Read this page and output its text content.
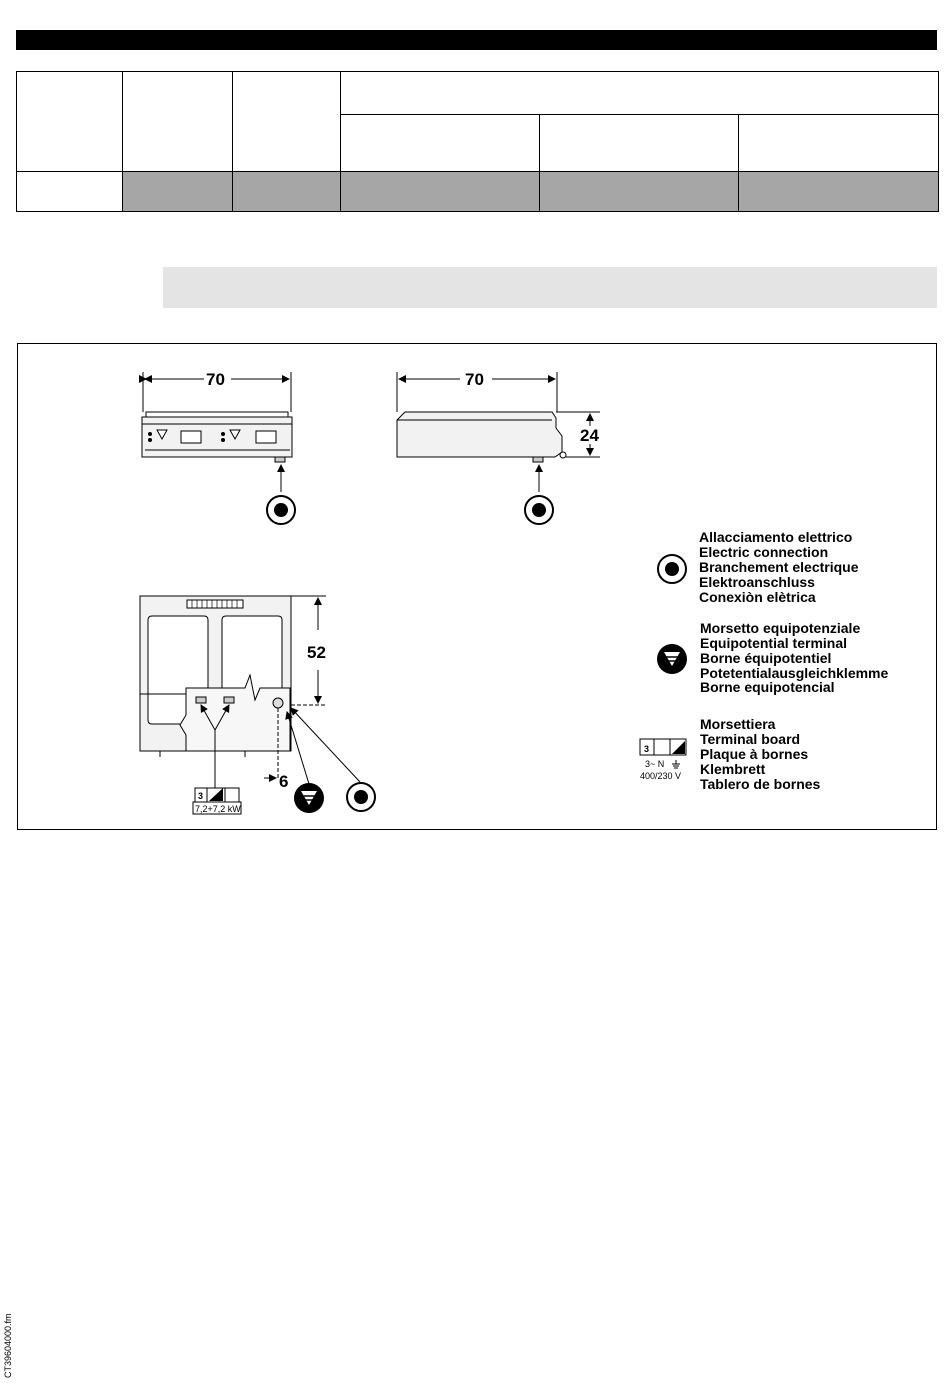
70	70
24
52
6
3
7,2+7,2 kW
Allacciamento elettrico
Electric connection
Branchement electrique
Elektroanschluss
Conexiòn elètrica
Morsetto equipotenziale
Equipotential terminal
Borne équipotentiel
Potetentialausgleichklemme
Borne equipotencial
3
3~ N
400/230 V
Morsettiera
Terminal board
Plaque à bornes
Klembrett
Tablero de bornes
CT39604000.fm
